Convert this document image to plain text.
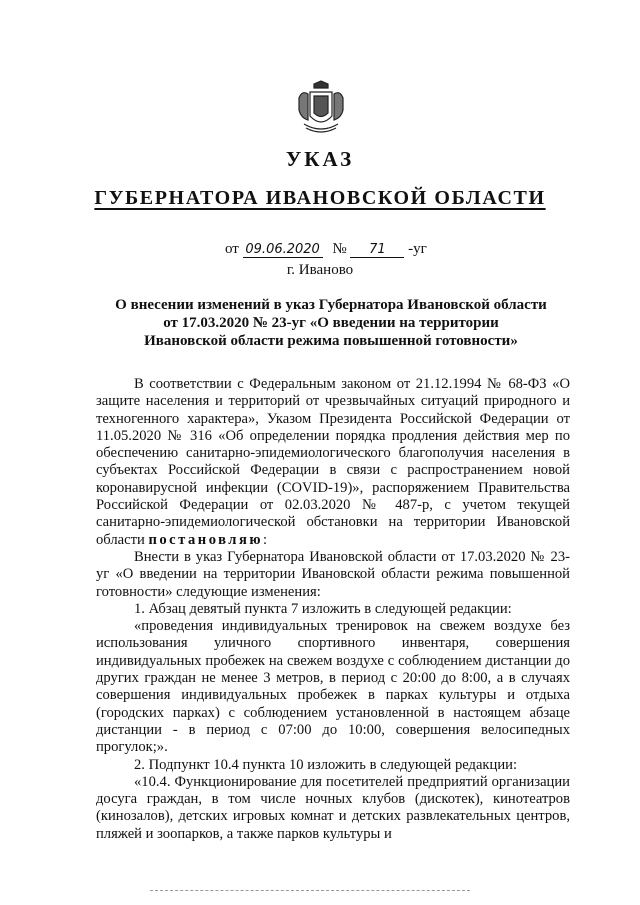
УКАЗ
ГУБЕРНАТОРА ИВАНОВСКОЙ ОБЛАСТИ
от 09.06.2020 № 71 -уг
г. Иваново
О внесении изменений в указ Губернатора Ивановской области
от 17.03.2020 № 23-уг «О введении на территории
Ивановской области режима повышенной готовности»

В соответствии с Федеральным законом от 21.12.1994 № 68-ФЗ «О защите населения и территорий от чрезвычайных ситуаций природного и техногенного характера», Указом Президента Российской Федерации от 11.05.2020 № 316 «Об определении порядка продления действия мер по обеспечению санитарно-эпидемиологического благополучия населения в субъектах Российской Федерации в связи с распространением новой коронавирусной инфекции (COVID-19)», распоряжением Правительства Российской Федерации от 02.03.2020 № 487-р, с учетом текущей санитарно-эпидемиологической обстановки на территории Ивановской области постановляю:

Внести в указ Губернатора Ивановской области от 17.03.2020 № 23-уг «О введении на территории Ивановской области режима повышенной готовности» следующие изменения:

1. Абзац девятый пункта 7 изложить в следующей редакции:

«проведения индивидуальных тренировок на свежем воздухе без использования уличного спортивного инвентаря, совершения индивидуальных пробежек на свежем воздухе с соблюдением дистанции до других граждан не менее 3 метров, в период с 20:00 до 8:00, а в случаях совершения индивидуальных пробежек в парках культуры и отдыха (городских парках) с соблюдением установленной в настоящем абзаце дистанции - в период с 07:00 до 10:00, совершения велосипедных прогулок;».

2. Подпункт 10.4 пункта 10 изложить в следующей редакции:

«10.4. Функционирование для посетителей предприятий организации досуга граждан, в том числе ночных клубов (дискотек), кинотеатров (кинозалов), детских игровых комнат и детских развлекательных центров, пляжей и зоопарков, а также парков культуры и
